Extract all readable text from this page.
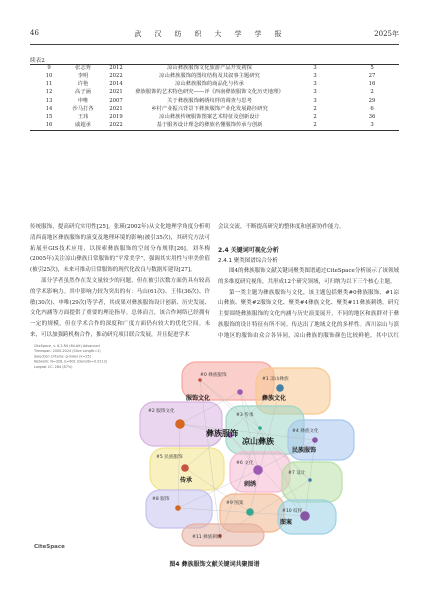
46	武汉纺织大学学报	2025年
续表2
9	张志秀	2012	凉山彝族服饰文化旅游产品开发初探	3	5
10	李明	2022	凉山彝族服饰的图纹结构及其叙事主题研究	3	27
11	许艳	2014	凉山彝族服饰的商品化与传承	3	16
12	高子涵	2021	彝族服饰的艺术特色研究——评《西南彝族服饰文化历史地理》	3	2
13	申唯	2007	关于彝族服饰刺绣纹样的调查与思考	3	29
14	沙马打各	2021	乡村产业振兴背景下彝族服饰产业化发展路径研究	2	6
15	王玮	2019	凉山彝族传统服饰图案艺术特征及创新设计	2	36
16	戚超承	2022	基于服务设计理念的彝族名懂服饰传承与创新	2	3

传统服饰，提高研究实用性[25]。张瑛(2002年)从文化地理学角度分析明清西南地区彝族服饰的演变及地理环境的影响(被引35次)，其研究方法可拓展至GIS技术应用，以探索彝族服饰的空间分布规律[26]。刘冬梅(2005年)关注凉山彝族日常服饰的“平常美学”，强调其实用性与审美价值(被引25次)，未来可推动日常服饰的现代化改良与数据库建设[27]。

部分学者虽然作在发文量较少的问题，但在被引次数方面仍具有较高的学术影响力。其中影响力较为突出的有：马山(61次)、王伟(36次)、许敏(30次)、申唯(29次)等学者，其成果对彝族服饰设计创新、历史发展、文化内涵等方面提供了重要的理论指导。总体而言，该合作网络已经拥有一定的规模，但在学术合作的深度和广度方面仍有较大的优化空间。未来，可以加强跨机构合作，推动研究项目联合发展，并且促进学术

会议交流，不断提高研究的整体度和创新协作能力。

2.4 关键词可视化分析
2.4.1 聚类图谱综合分析

图4的彝族服饰文献关键词聚类图谱通过CiteSpace分析展示了该领域的多维度研究视角，共形成12个研究领域，可归纳为以下三个核心主题。

第一类主题为彝族服饰与文化，该主题包括聚类#0彝族服饰、#1凉山彝族、聚类#2服饰文化、聚类#4彝族文化、聚类#11彝族刺绣。研究主要围绕彝族服饰的文化内涵与历史演变展开，不同的地区和族群对于彝族服饰的设计特征有所不同。传达出了地域文化的多样性。西川凉山与滇中地区的服饰由众合各异同，凉山彝族的服饰颜色比较鲜艳，其中以红

#0 彝族服饰
#1 凉山彝族
#2 服饰文化
#3 传承
#4 彝族文化
#5 民族服饰
#6 文化
#7 设计
#8 服饰
#9 图案
#10 纹样
#11 彝族刺绣
彝族服饰
凉山彝族
服饰文化	彝族文化
民族服饰
传承
刺绣
图案
CiteSpace, v. 6.2.R4 (64-bit) Advanced
Timespan: 2000-2024 (Slice Length=1)
Selection Criteria: g-index (k=25)
Network: N=326, E=601 (Density=0.0113)
Largest CC: 284 (87%)
CiteSpace
图4 彝族服饰文献关键词共聚图谱
